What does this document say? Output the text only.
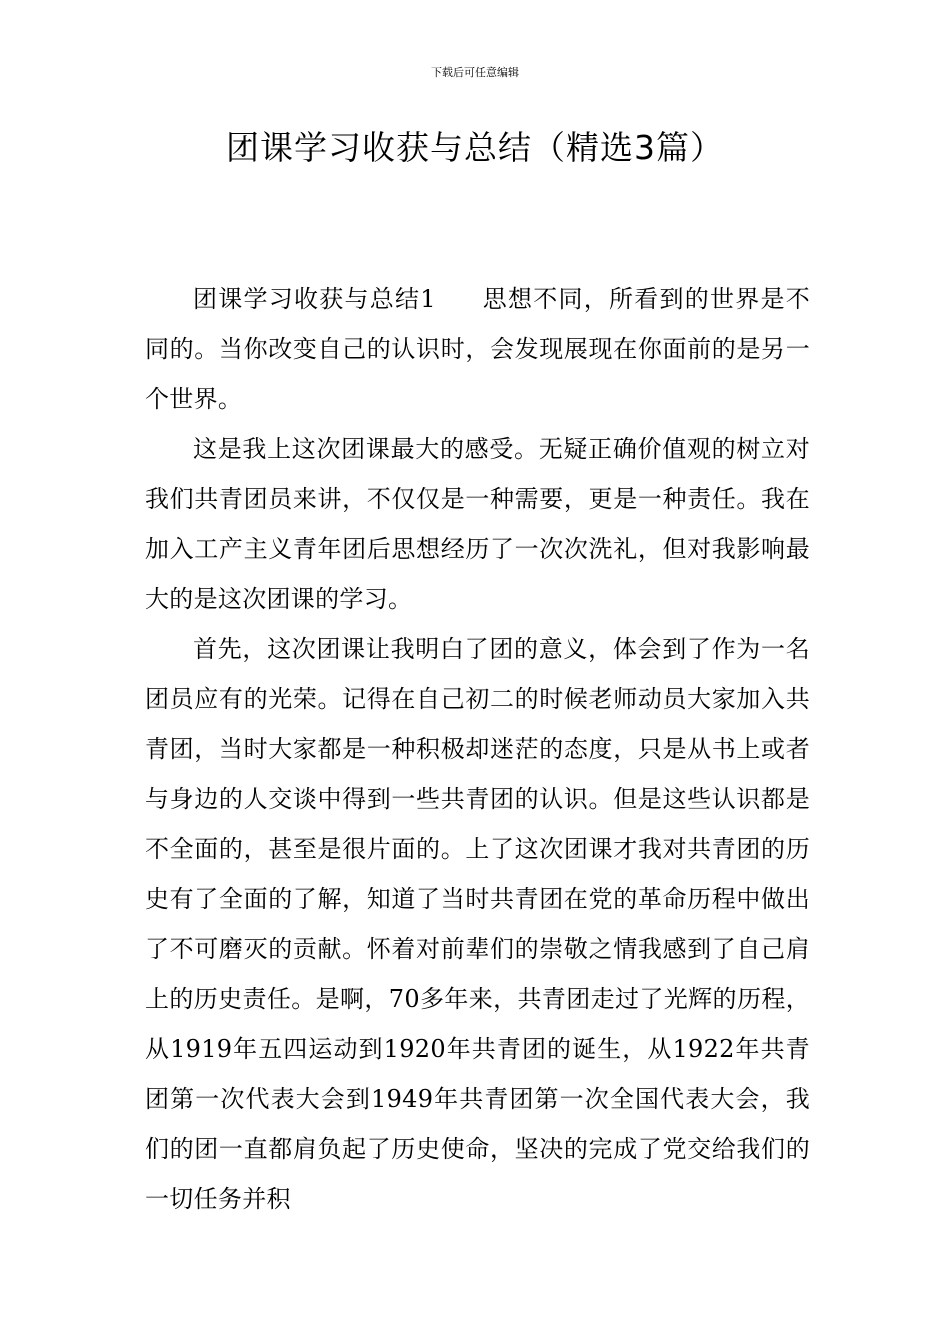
下载后可任意编辑
团课学习收获与总结（精选3篇）

团课学习收获与总结1 思想不同，所看到的世界是不同的。当你改变自己的认识时，会发现展现在你面前的是另一个世界。

这是我上这次团课最大的感受。无疑正确价值观的树立对我们共青团员来讲，不仅仅是一种需要，更是一种责任。我在加入工产主义青年团后思想经历了一次次洗礼，但对我影响最大的是这次团课的学习。

首先，这次团课让我明白了团的意义，体会到了作为一名团员应有的光荣。记得在自己初二的时候老师动员大家加入共青团，当时大家都是一种积极却迷茫的态度，只是从书上或者与身边的人交谈中得到一些共青团的认识。但是这些认识都是不全面的，甚至是很片面的。上了这次团课才我对共青团的历史有了全面的了解，知道了当时共青团在党的革命历程中做出了不可磨灭的贡献。怀着对前辈们的崇敬之情我感到了自己肩上的历史责任。是啊，70多年来，共青团走过了光辉的历程，从1919年五四运动到1920年共青团的诞生，从1922年共青团第一次代表大会到1949年共青团第一次全国代表大会，我们的团一直都肩负起了历史使命，坚决的完成了党交给我们的一切任务并积
